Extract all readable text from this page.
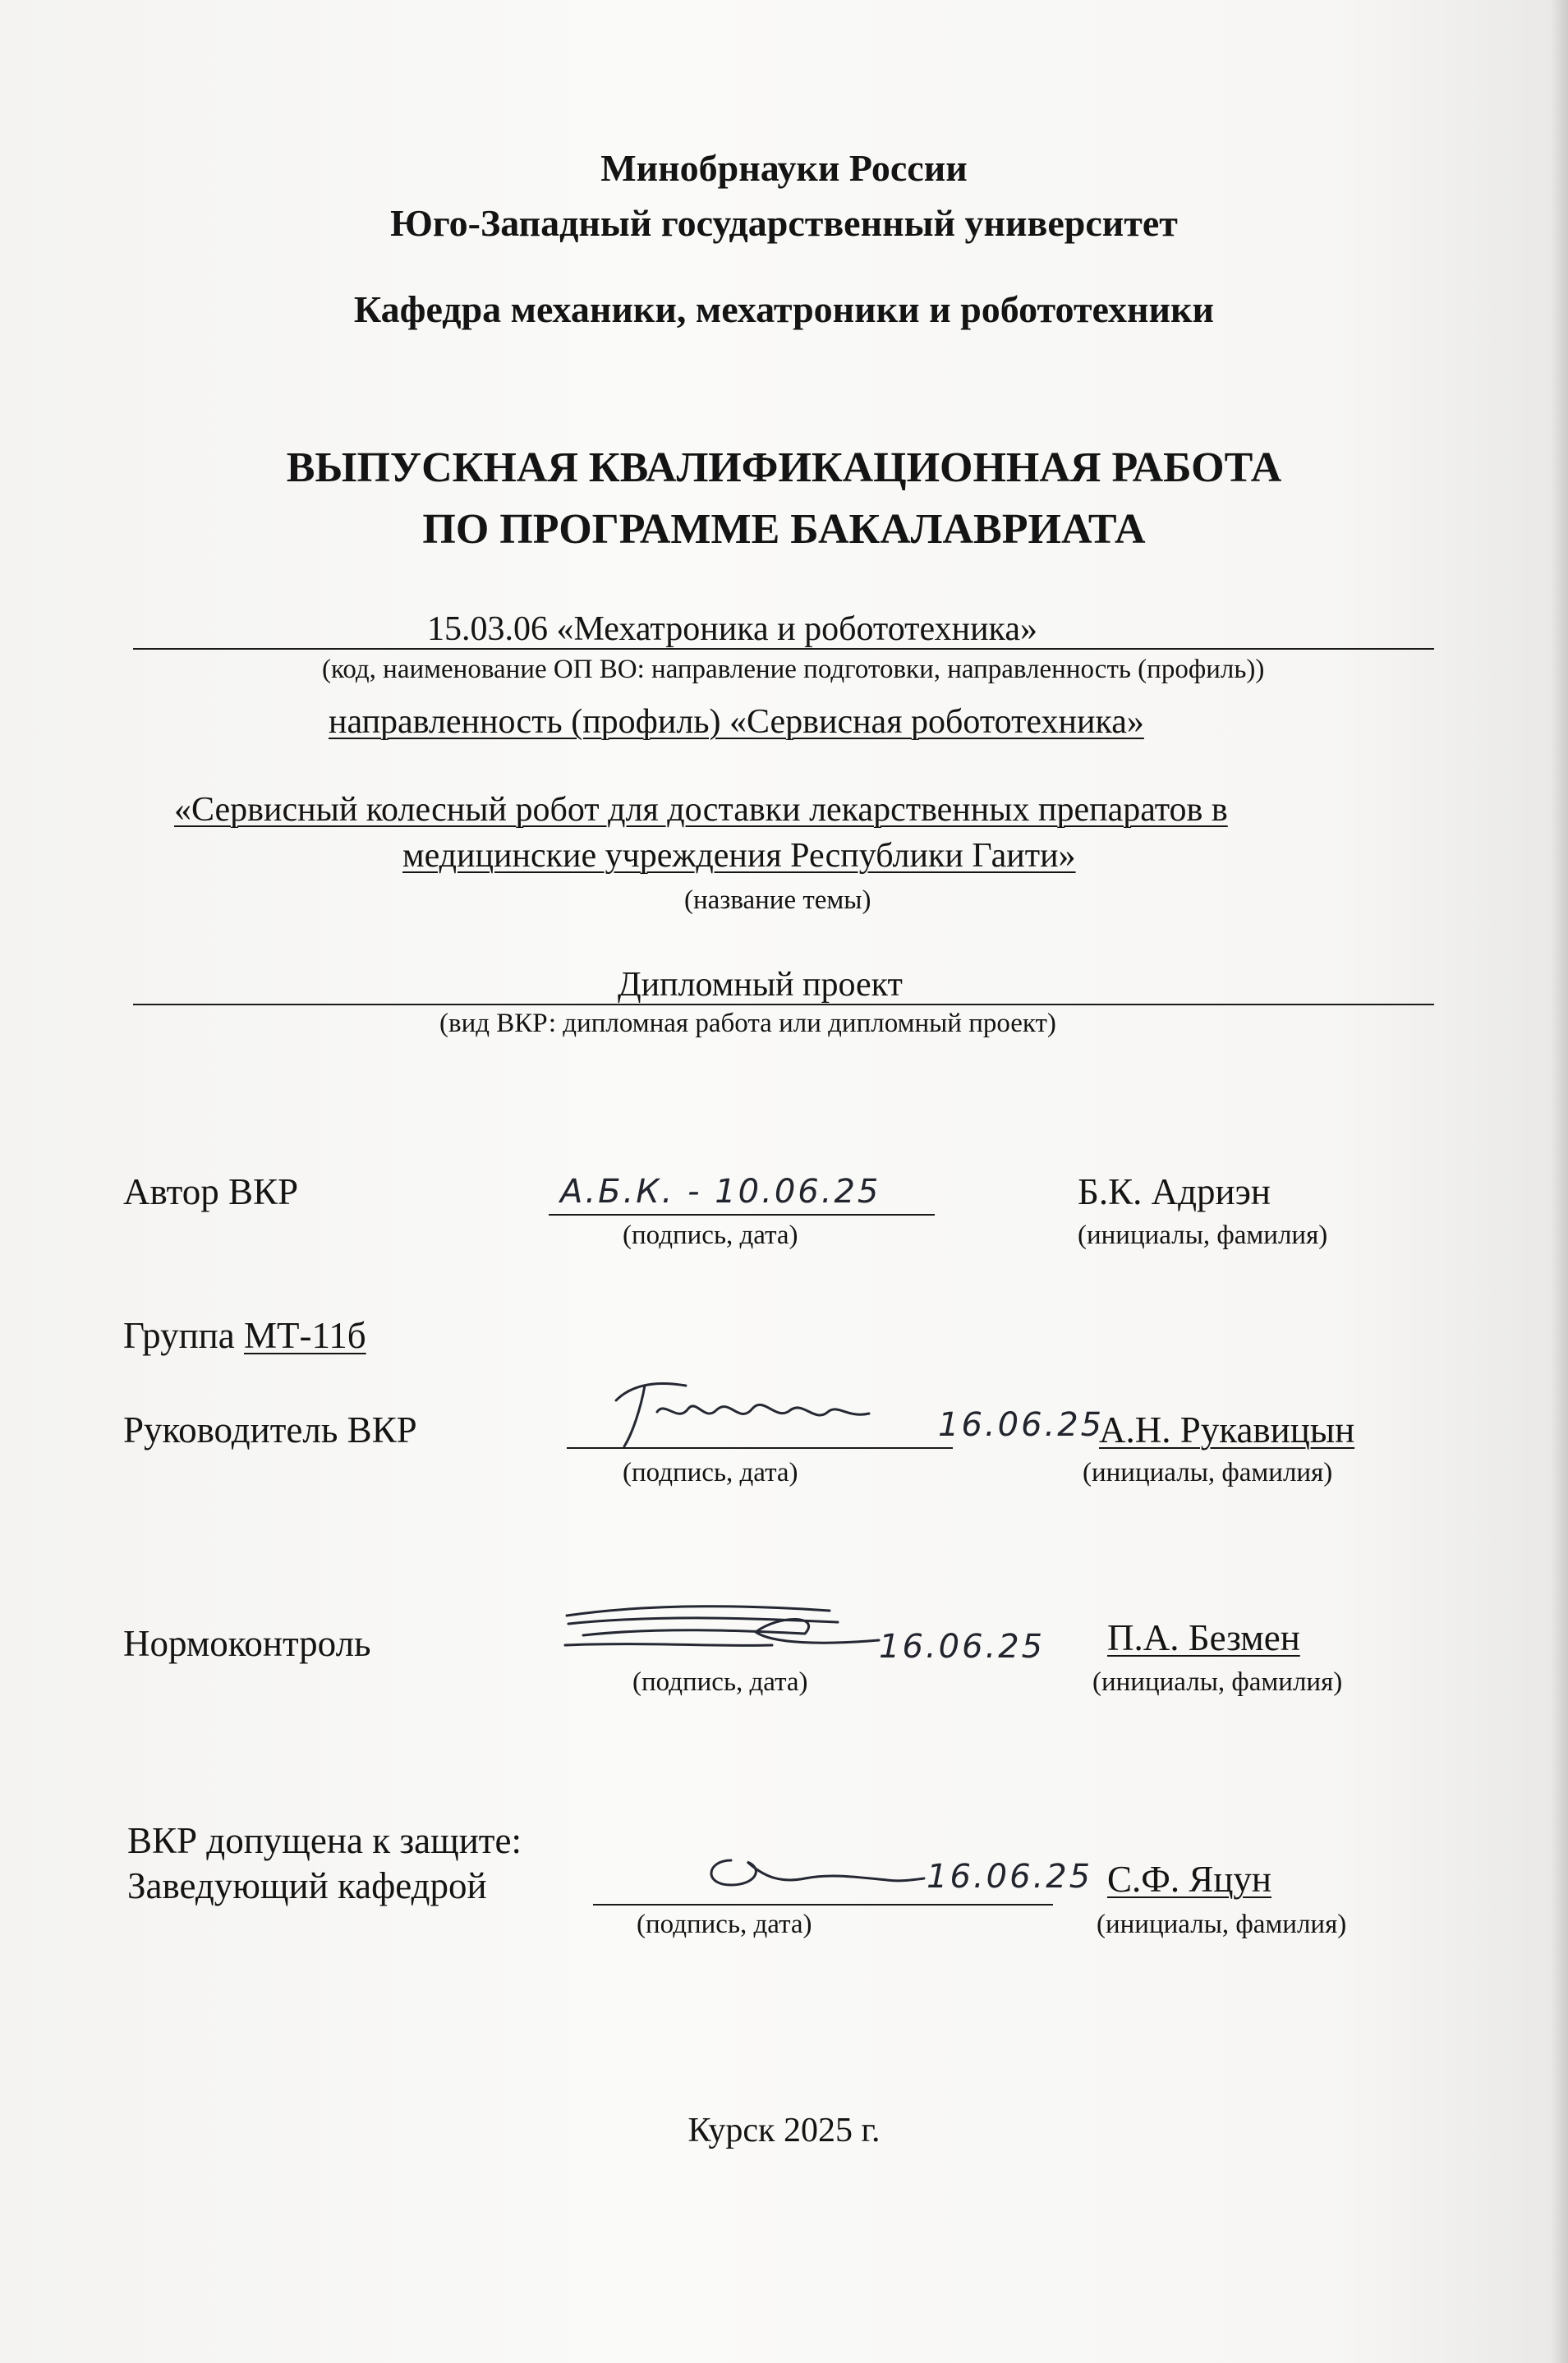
Минобрнауки России
Юго-Западный государственный университет
Кафедра механики, мехатроники и робототехники
ВЫПУСКНАЯ КВАЛИФИКАЦИОННАЯ РАБОТА
ПО ПРОГРАММЕ БАКАЛАВРИАТА
15.03.06 «Мехатроника и робототехника»
(код, наименование ОП ВО: направление подготовки, направленность (профиль))
направленность (профиль) «Сервисная робототехника»
«Сервисный колесный робот для доставки лекарственных препаратов в
медицинские учреждения Республики Гаити»
(название темы)
Дипломный проект
(вид ВКР: дипломная работа или дипломный проект)
Автор ВКР	А.Б.К. - 10.06.25
(подпись, дата)
Б.К. Адриэн
(инициалы, фамилия)
Группа МТ-11б
Руководитель ВКР	16.06.25
(подпись, дата)
А.Н. Рукавицын
(инициалы, фамилия)
Нормоконтроль	16.06.25
(подпись, дата)
П.А. Безмен
(инициалы, фамилия)
ВКР допущена к защите:
Заведующий кафедрой	16.06.25
(подпись, дата)
С.Ф. Яцун
(инициалы, фамилия)
Курск 2025 г.
